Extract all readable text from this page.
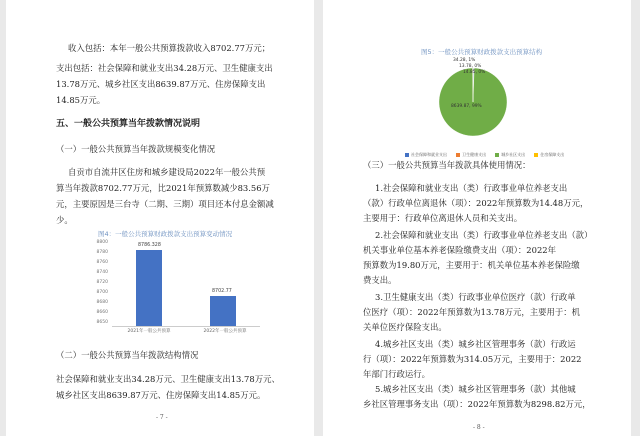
收入包括：本年一般公共预算拨款收入8702.77万元；
支出包括：社会保障和就业支出34.28万元、卫生健康支出
13.78万元、城乡社区支出8639.87万元、住房保障支出
14.85万元。
五、一般公共预算当年拨款情况说明
（一）一般公共预算当年拨款规模变化情况
自贡市自流井区住房和城乡建设局2022年一般公共预
算当年拨款8702.77万元，比2021年预算数减少83.56万
元，主要原因是三台寺（二期、三期）项目还本付息金额减
少。
图4：一般公共预算财政拨款支出预算变动情况
8800
8780
8760
8740
8720
8700
8680
8660
8650
8786.328
8702.77
2021年一般公共预算	2022年一般公共预算
（二）一般公共预算当年拨款结构情况
社会保障和就业支出34.28万元、卫生健康支出13.78万元、
城乡社区支出8639.87万元、住房保障支出14.85万元。
- 7 -
图5：一般公共预算财政拨款支出预算结构
34.28, 1%
13.78, 0%
14.85, 0%
8639.87, 99%
社会保障和就业支出
	卫生健康支出
	城乡社区支出
	住房保障支出
（三）一般公共预算当年拨款具体使用情况：
1.社会保障和就业支出（类）行政事业单位养老支出
（款）行政单位离退休（项）：2022年预算数为14.48万元，
主要用于：行政单位离退休人员和关支出。
2.社会保障和就业支出（类）行政事业单位养老支出（款）
机关事业单位基本养老保险缴费支出（项）：2022年
预算数为19.80万元，主要用于：机关单位基本养老保险缴
费支出。
3.卫生健康支出（类）行政事业单位医疗（款）行政单
位医疗（项）：2022年预算数为13.78万元，主要用于：机
关单位医疗保险支出。
4.城乡社区支出（类）城乡社区管理事务（款）行政运
行（项）：2022年预算数为314.05万元，主要用于：2022
年部门行政运行。
5.城乡社区支出（类）城乡社区管理事务（款）其他城
乡社区管理事务支出（项）：2022年预算数为8298.82万元，
- 8 -
